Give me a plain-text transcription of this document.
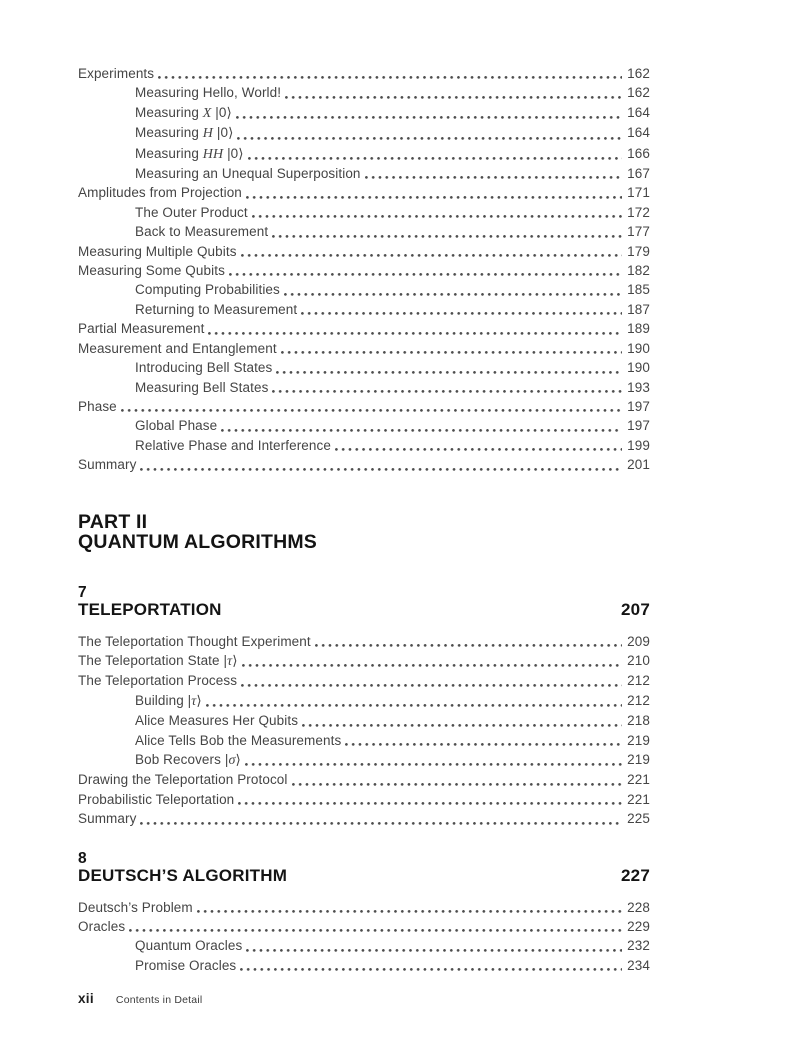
Experiments	162
Measuring Hello, World!	162
Measuring X |0⟩	164
Measuring H |0⟩	164
Measuring HH |0⟩	166
Measuring an Unequal Superposition	167
Amplitudes from Projection	171
The Outer Product	172
Back to Measurement	177
Measuring Multiple Qubits	179
Measuring Some Qubits	182
Computing Probabilities	185
Returning to Measurement	187
Partial Measurement	189
Measurement and Entanglement	190
Introducing Bell States	190
Measuring Bell States	193
Phase	197
Global Phase	197
Relative Phase and Interference	199
Summary	201
PART II
QUANTUM ALGORITHMS
7
TELEPORTATION	207
The Teleportation Thought Experiment	209
The Teleportation State |τ⟩	210
The Teleportation Process	212
Building |τ⟩	212
Alice Measures Her Qubits	218
Alice Tells Bob the Measurements	219
Bob Recovers |σ⟩	219
Drawing the Teleportation Protocol	221
Probabilistic Teleportation	221
Summary	225
8
DEUTSCH’S ALGORITHM	227
Deutsch’s Problem	228
Oracles	229
Quantum Oracles	232
Promise Oracles	234
xii Contents in Detail
